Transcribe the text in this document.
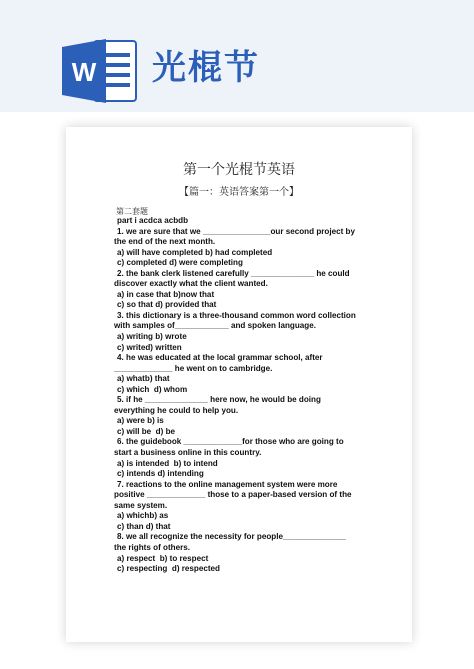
W 光棍节
第一个光棍节英语
【篇一：英语答案第一个】
第二套题
part i acdca acbdb
1. we are sure that we _______________our second project by
the end of the next month.
a) will have completed b) had completed
c) completed d) were completing
2. the bank clerk listened carefully ______________ he could
discover exactly what the client wanted.
a) in case that b)now that
c) so that d) provided that
3. this dictionary is a three-thousand common word collection
with samples of____________ and spoken language.
a) writing b) wrote
c) writed) written
4. he was educated at the local grammar school, after
_____________ he went on to cambridge.
a) whatb) that
c) which  d) whom
5. if he ______________ here now, he would be doing
everything he could to help you.
a) were b) is
c) will be  d) be
6. the guidebook _____________for those who are going to
start a business online in this country.
a) is intended  b) to intend
c) intends d) intending
7. reactions to the online management system were more
positive _____________ those to a paper-based version of the
same system.
a) whichb) as
c) than d) that
8. we all recognize the necessity for people______________
the rights of others.
a) respect  b) to respect
c) respecting  d) respected
